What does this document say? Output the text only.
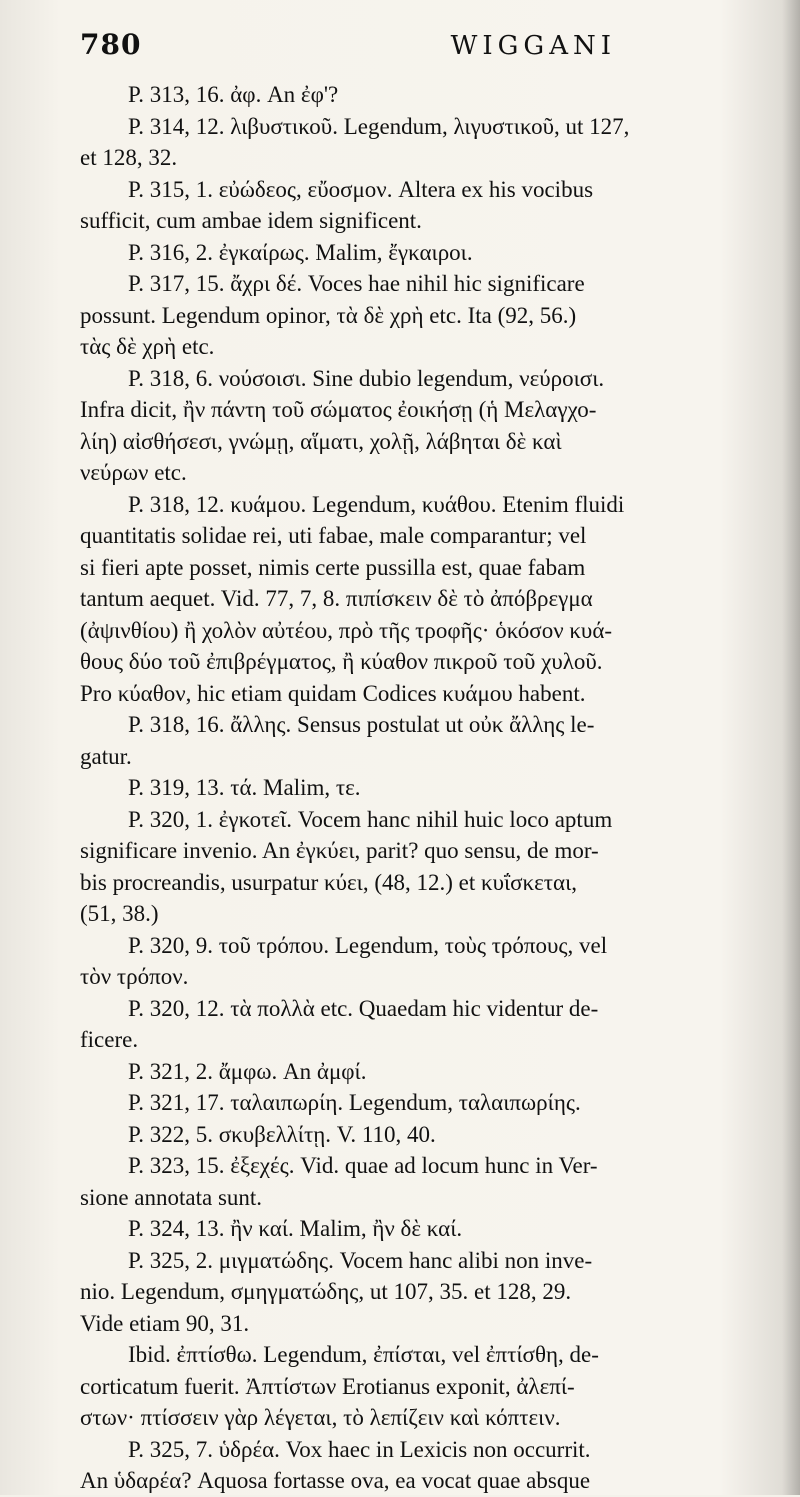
780	WIGGANI

P. 313, 16. ἀφ. An ἐφ'?

P. 314, 12. λιβυστικοῦ. Legendum, λιγυστικοῦ, ut 127,
et 128, 32.

P. 315, 1. εὐώδεος, εὔοσμον. Altera ex his vocibus
sufficit, cum ambae idem significent.

P. 316, 2. ἐγκαίρως. Malim, ἔγκαιροι.

P. 317, 15. ἄχρι δέ. Voces hae nihil hic significare
possunt. Legendum opinor, τὰ δὲ χρὴ etc. Ita (92, 56.)
τὰς δὲ χρὴ etc.

P. 318, 6. νούσοισι. Sine dubio legendum, νεύροισι.
Infra dicit, ἢν πάντη τοῦ σώματος ἐοικήσῃ (ἡ Μελαγχο-
λίη) αἰσθήσεσι, γνώμῃ, αἵματι, χολῇ, λάβηται δὲ καὶ
νεύρων etc.

P. 318, 12. κυάμου. Legendum, κυάθου. Etenim fluidi
quantitatis solidae rei, uti fabae, male comparantur; vel
si fieri apte posset, nimis certe pussilla est, quae fabam
tantum aequet. Vid. 77, 7, 8. πιπίσκειν δὲ τὸ ἀπόβρεγμα
(ἀψινθίου) ἢ χολὸν αὐτέου, πρὸ τῆς τροφῆς· ὁκόσον κυά-
θους δύο τοῦ ἐπιβρέγματος, ἢ κύαθον πικροῦ τοῦ χυλοῦ.
Pro κύαθον, hic etiam quidam Codices κυάμου habent.

P. 318, 16. ἄλλης. Sensus postulat ut οὐκ ἄλλης le-
gatur.

P. 319, 13. τά. Malim, τε.

P. 320, 1. ἐγκοτεῖ. Vocem hanc nihil huic loco aptum
significare invenio. An ἐγκύει, parit? quo sensu, de mor-
bis procreandis, usurpatur κύει, (48, 12.) et κυΐσκεται,
(51, 38.)

P. 320, 9. τοῦ τρόπου. Legendum, τοὺς τρόπους, vel
τὸν τρόπον.

P. 320, 12. τὰ πολλὰ etc. Quaedam hic videntur de-
ficere.

P. 321, 2. ἄμφω. An ἀμφί.

P. 321, 17. ταλαιπωρίη. Legendum, ταλαιπωρίης.

P. 322, 5. σκυβελλίτῃ. V. 110, 40.

P. 323, 15. ἐξεχές. Vid. quae ad locum hunc in Ver-
sione annotata sunt.

P. 324, 13. ἢν καί. Malim, ἢν δὲ καί.

P. 325, 2. μιγματώδης. Vocem hanc alibi non inve-
nio. Legendum, σμηγματώδης, ut 107, 35. et 128, 29.
Vide etiam 90, 31.

Ibid. ἐπτίσθω. Legendum, ἐπίσται, vel ἐπτίσθη, de-
corticatum fuerit. Ἀπτίστων Erotianus exponit, ἀλεπί-
στων· πτίσσειν γὰρ λέγεται, τὸ λεπίζειν καὶ κόπτειν.

P. 325, 7. ὑδρέα. Vox haec in Lexicis non occurrit.
An ὑδαρέα? Aquosa fortasse ova, ea vocat quae absque
